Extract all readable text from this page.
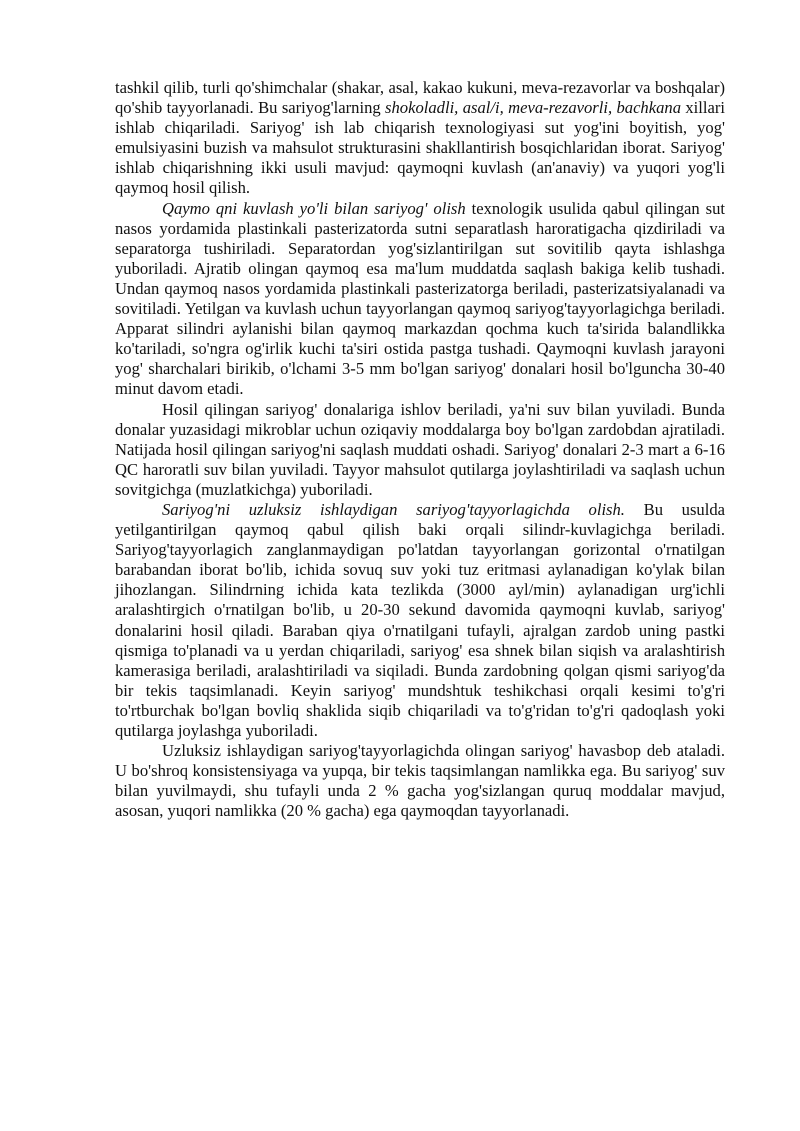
tashkil qilib, turli qo'shimchalar (shakar, asal, kakao kukuni, meva-rezavorlar va boshqalar) qo'shib tayyorlanadi. Bu sariyog'larning shokoladli, asal/i, meva-rezavorli, bachkana xillari ishlab chiqariladi. Sariyog' ish lab chiqarish texnologiyasi sut yog'ini boyitish, yog' emulsiyasini buzish va mahsulot strukturasini shakllantirish bosqichlaridan iborat. Sariyog' ishlab chiqarishning ikki usuli mavjud: qaymoqni kuvlash (an'anaviy) va yuqori yog'li qaymoq hosil qilish.

Qaymo qni kuvlash yo'li bilan sariyog' olish texnologik usulida qabul qilingan sut nasos yordamida plastinkali pasterizatorda sutni separatlash haroratigacha qizdiriladi va separatorga tushiriladi. Separatordan yog'sizlantirilgan sut sovitilib qayta ishlashga yuboriladi. Ajratib olingan qaymoq esa ma'lum muddatda saqlash bakiga kelib tushadi. Undan qaymoq nasos yordamida plastinkali pasterizatorga beriladi, pasterizatsiyalanadi va sovitiladi. Yetilgan va kuvlash uchun tayyorlangan qaymoq sariyog'tayyorlagichga beriladi. Apparat silindri aylanishi bilan qaymoq markazdan qochma kuch ta'sirida balandlikka ko'tariladi, so'ngra og'irlik kuchi ta'siri ostida pastga tushadi. Qaymoqni kuvlash jarayoni yog' sharchalari birikib, o'lchami 3-5 mm bo'lgan sariyog' donalari hosil bo'lguncha 30-40 minut davom etadi.

Hosil qilingan sariyog' donalariga ishlov beriladi, ya'ni suv bilan yuviladi. Bunda donalar yuzasidagi mikroblar uchun oziqaviy moddalarga boy bo'lgan zardobdan ajratiladi. Natijada hosil qilingan sariyog'ni saqlash muddati oshadi. Sariyog' donalari 2-3 mart a 6-16 QC haroratli suv bilan yuviladi. Tayyor mahsulot qutilarga joylashtiriladi va saqlash uchun sovitgichga (muzlatkichga) yuboriladi.

Sariyog'ni uzluksiz ishlaydigan sariyog'tayyorlagichda olish. Bu usulda yetilgantirilgan qaymoq qabul qilish baki orqali silindr-kuvlagichga beriladi. Sariyog'tayyorlagich zanglanmaydigan po'latdan tayyorlangan gorizontal o'rnatilgan barabandan iborat bo'lib, ichida sovuq suv yoki tuz eritmasi aylanadigan ko'ylak bilan jihozlangan. Silindrning ichida kata tezlikda (3000 ayl/min) aylanadigan urg'ichli aralashtirgich o'rnatilgan bo'lib, u 20-30 sekund davomida qaymoqni kuvlab, sariyog' donalarini hosil qiladi. Baraban qiya o'rnatilgani tufayli, ajralgan zardob uning pastki qismiga to'planadi va u yerdan chiqariladi, sariyog' esa shnek bilan siqish va aralashtirish kamerasiga beriladi, aralashtiriladi va siqiladi. Bunda zardobning qolgan qismi sariyog'da bir tekis taqsimlanadi. Keyin sariyog' mundshtuk teshikchasi orqali kesimi to'g'ri to'rtburchak bo'lgan bovliq shaklida siqib chiqariladi va to'g'ridan to'g'ri qadoqlash yoki qutilarga joylashga yuboriladi.

Uzluksiz ishlaydigan sariyog'tayyorlagichda olingan sariyog' havasbop deb ataladi. U bo'shroq konsistensiyaga va yupqa, bir tekis taqsimlangan namlikka ega. Bu sariyog' suv bilan yuvilmaydi, shu tufayli unda 2 % gacha yog'sizlangan quruq moddalar mavjud, asosan, yuqori namlikka (20 % gacha) ega qaymoqdan tayyorlanadi.
